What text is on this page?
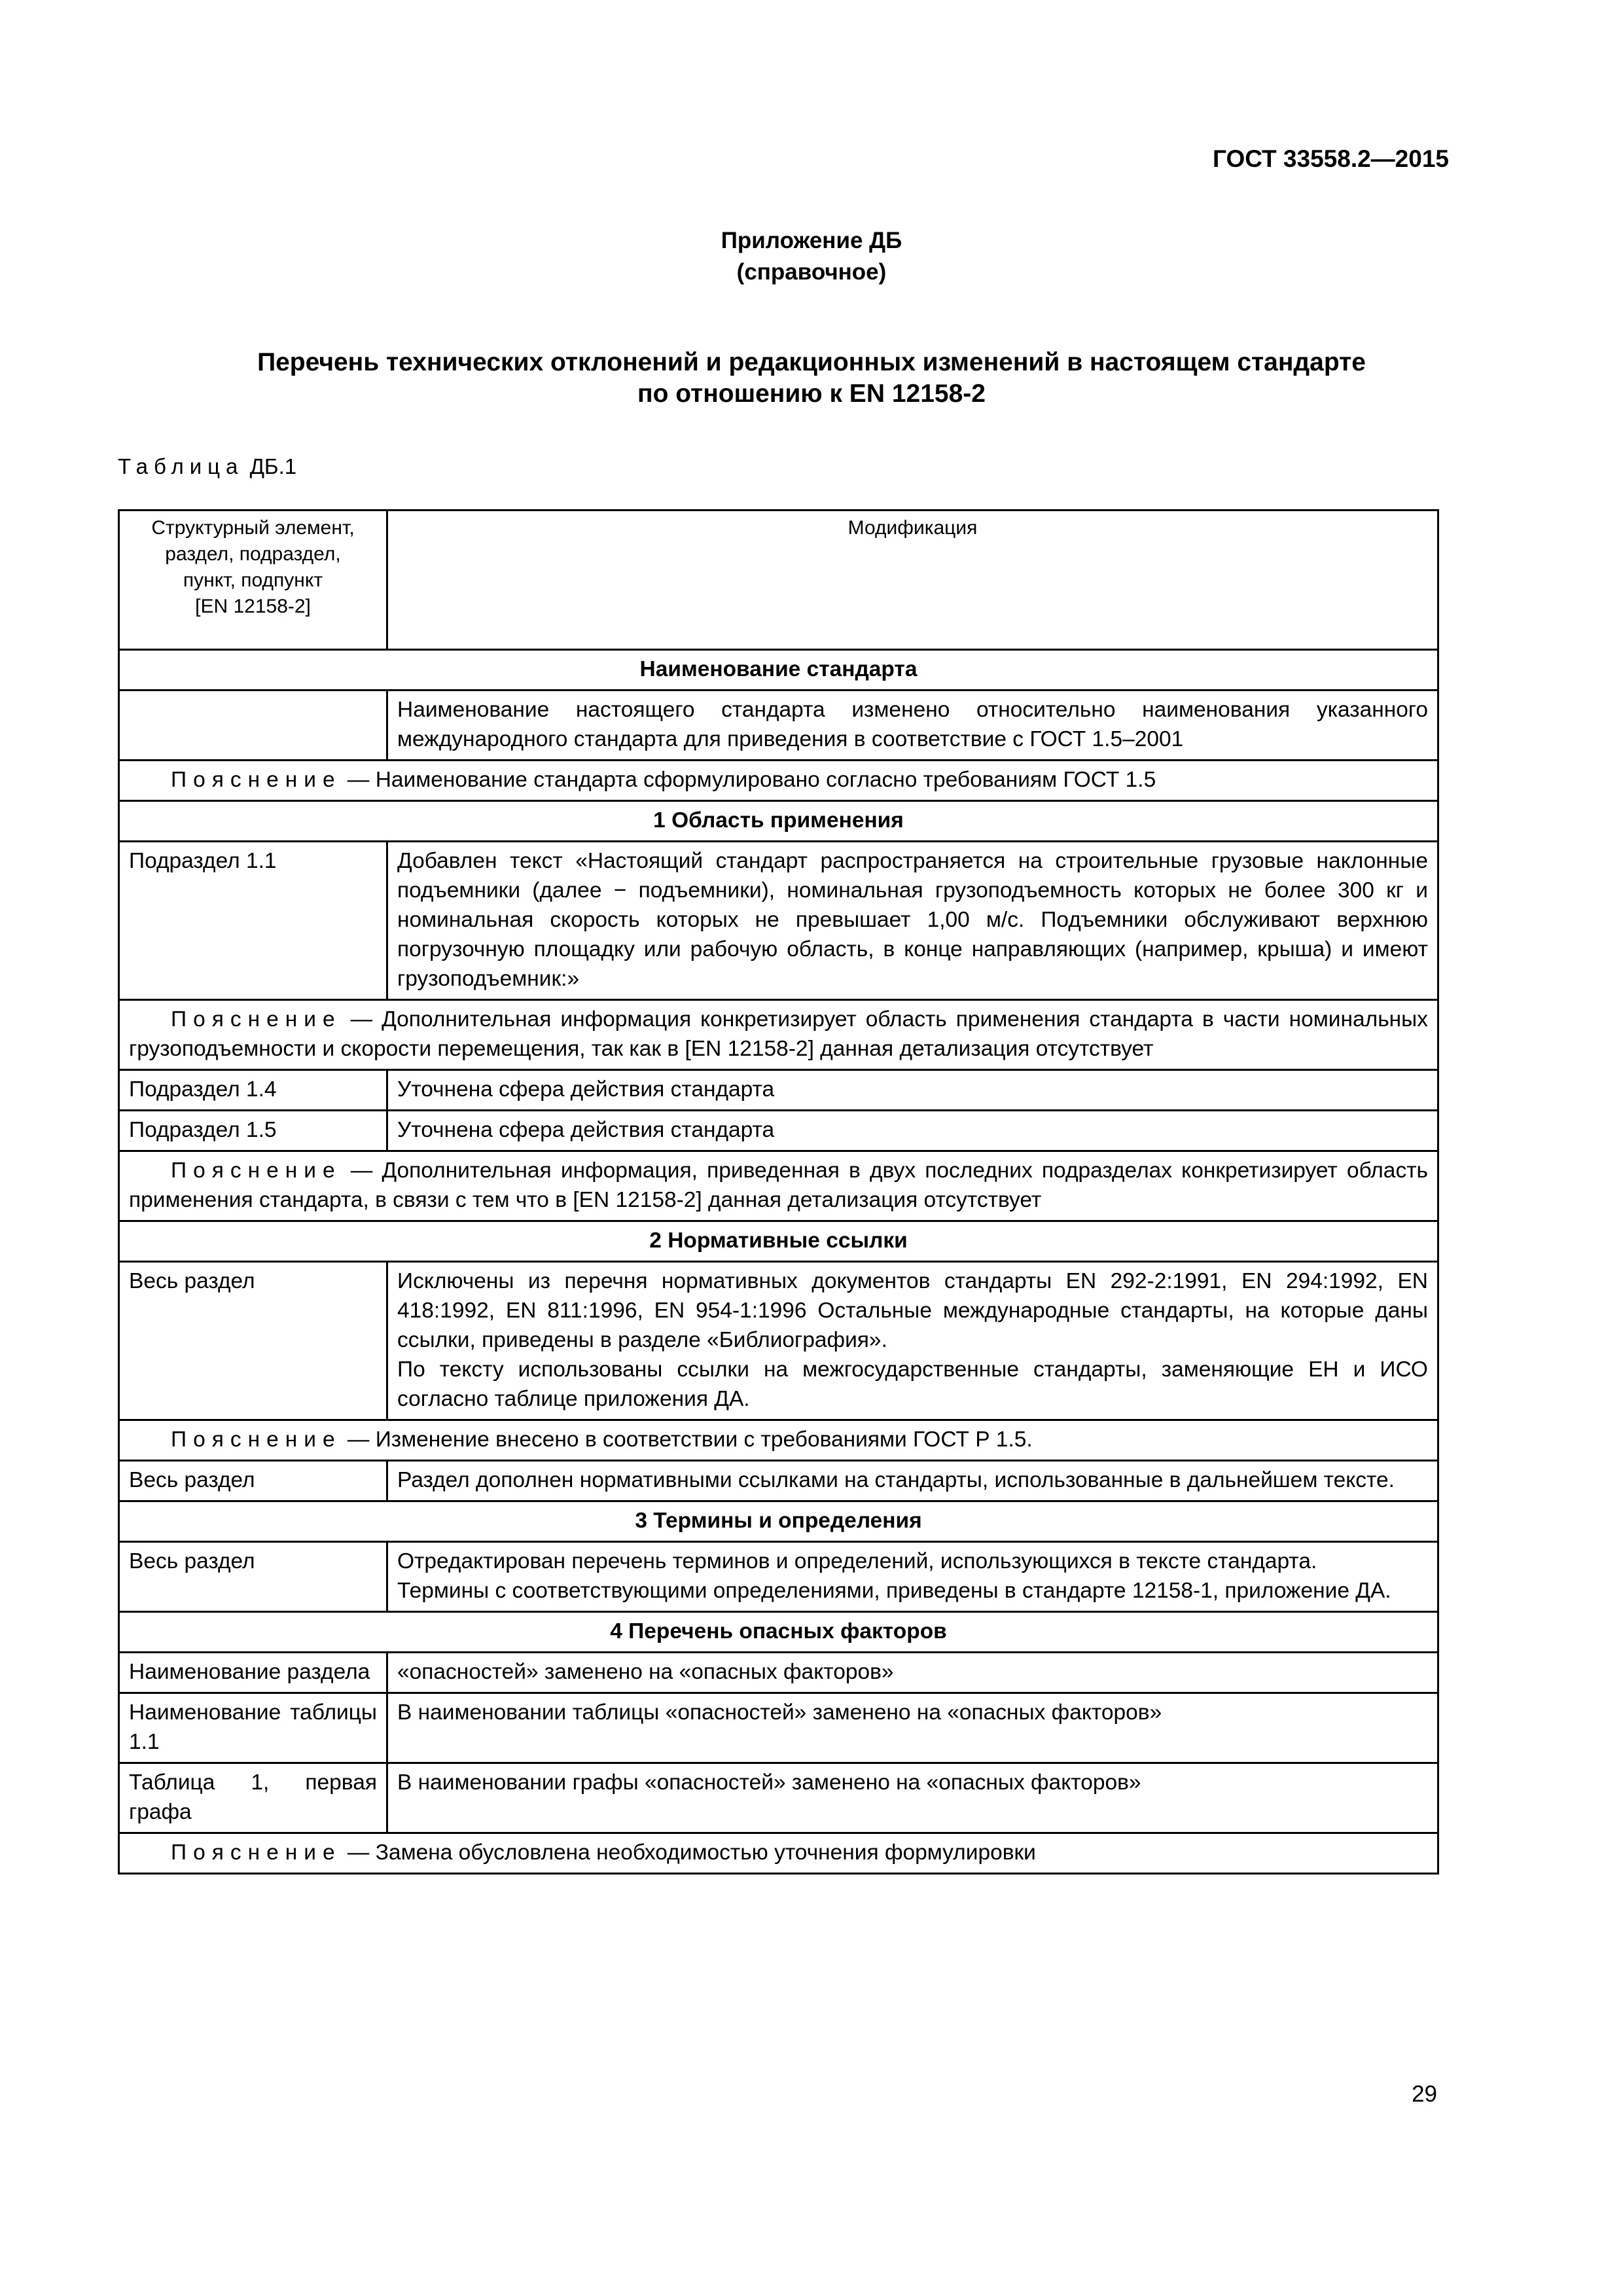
ГОСТ 33558.2—2015
Приложение ДБ
(справочное)
Перечень технических отклонений и редакционных изменений в настоящем стандарте
по отношению к EN 12158-2
Таблица ДБ.1
Структурный элемент,
раздел, подраздел,
пункт, подпункт
[EN 12158-2]	Модификация
Наименование стандарта	
	Наименование настоящего стандарта изменено относительно наименования указанного международного стандарта для приведения в соответствие с ГОСТ 1.5–2001
Пояснение — Наименование стандарта сформулировано согласно требованиям ГОСТ 1.5	
1 Область применения	
Подраздел 1.1	Добавлен текст «Настоящий стандарт распространяется на строительные грузовые наклонные подъемники (далее − подъемники), номинальная грузоподъемность которых не более 300 кг и номинальная скорость которых не превышает 1,00 м/с. Подъемники обслуживают верхнюю погрузочную площадку или рабочую область, в конце направляющих (например, крыша) и имеют грузоподъемник:»
Пояснение — Дополнительная информация конкретизирует область применения стандарта в части номинальных грузоподъемности и скорости перемещения, так как в [EN 12158-2] данная детализация отсутствует	
Подраздел 1.4	Уточнена сфера действия стандарта
Подраздел 1.5	Уточнена сфера действия стандарта
Пояснение — Дополнительная информация, приведенная в двух последних подразделах конкретизирует область применения стандарта, в связи с тем что в [EN 12158-2] данная детализация отсутствует	
2 Нормативные ссылки	
Весь раздел	Исключены из перечня нормативных документов стандарты EN 292-2:1991, EN 294:1992, EN 418:1992, EN 811:1996, EN 954-1:1996 Остальные международные стандарты, на которые даны ссылки, приведены в разделе «Библиография».
По тексту использованы ссылки на межгосударственные стандарты, заменяющие ЕН и ИСО согласно таблице приложения ДА.

Пояснение — Изменение внесено в соответствии с требованиями ГОСТ Р 1.5.	
Весь раздел	Раздел дополнен нормативными ссылками на стандарты, использованные в дальнейшем тексте.
3 Термины и определения	
Весь раздел	Отредактирован перечень терминов и определений, использующихся в тексте стандарта.
Термины с соответствующими определениями, приведены в стандарте 12158-1, приложение ДА.

4 Перечень опасных факторов	
Наименование раздела	«опасностей» заменено на «опасных факторов»
Наименование таблицы 1.1	В наименовании таблицы «опасностей» заменено на «опасных факторов»
Таблица 1, первая графа	В наименовании графы «опасностей» заменено на «опасных факторов»
Пояснение — Замена обусловлена необходимостью уточнения формулировки	
29
